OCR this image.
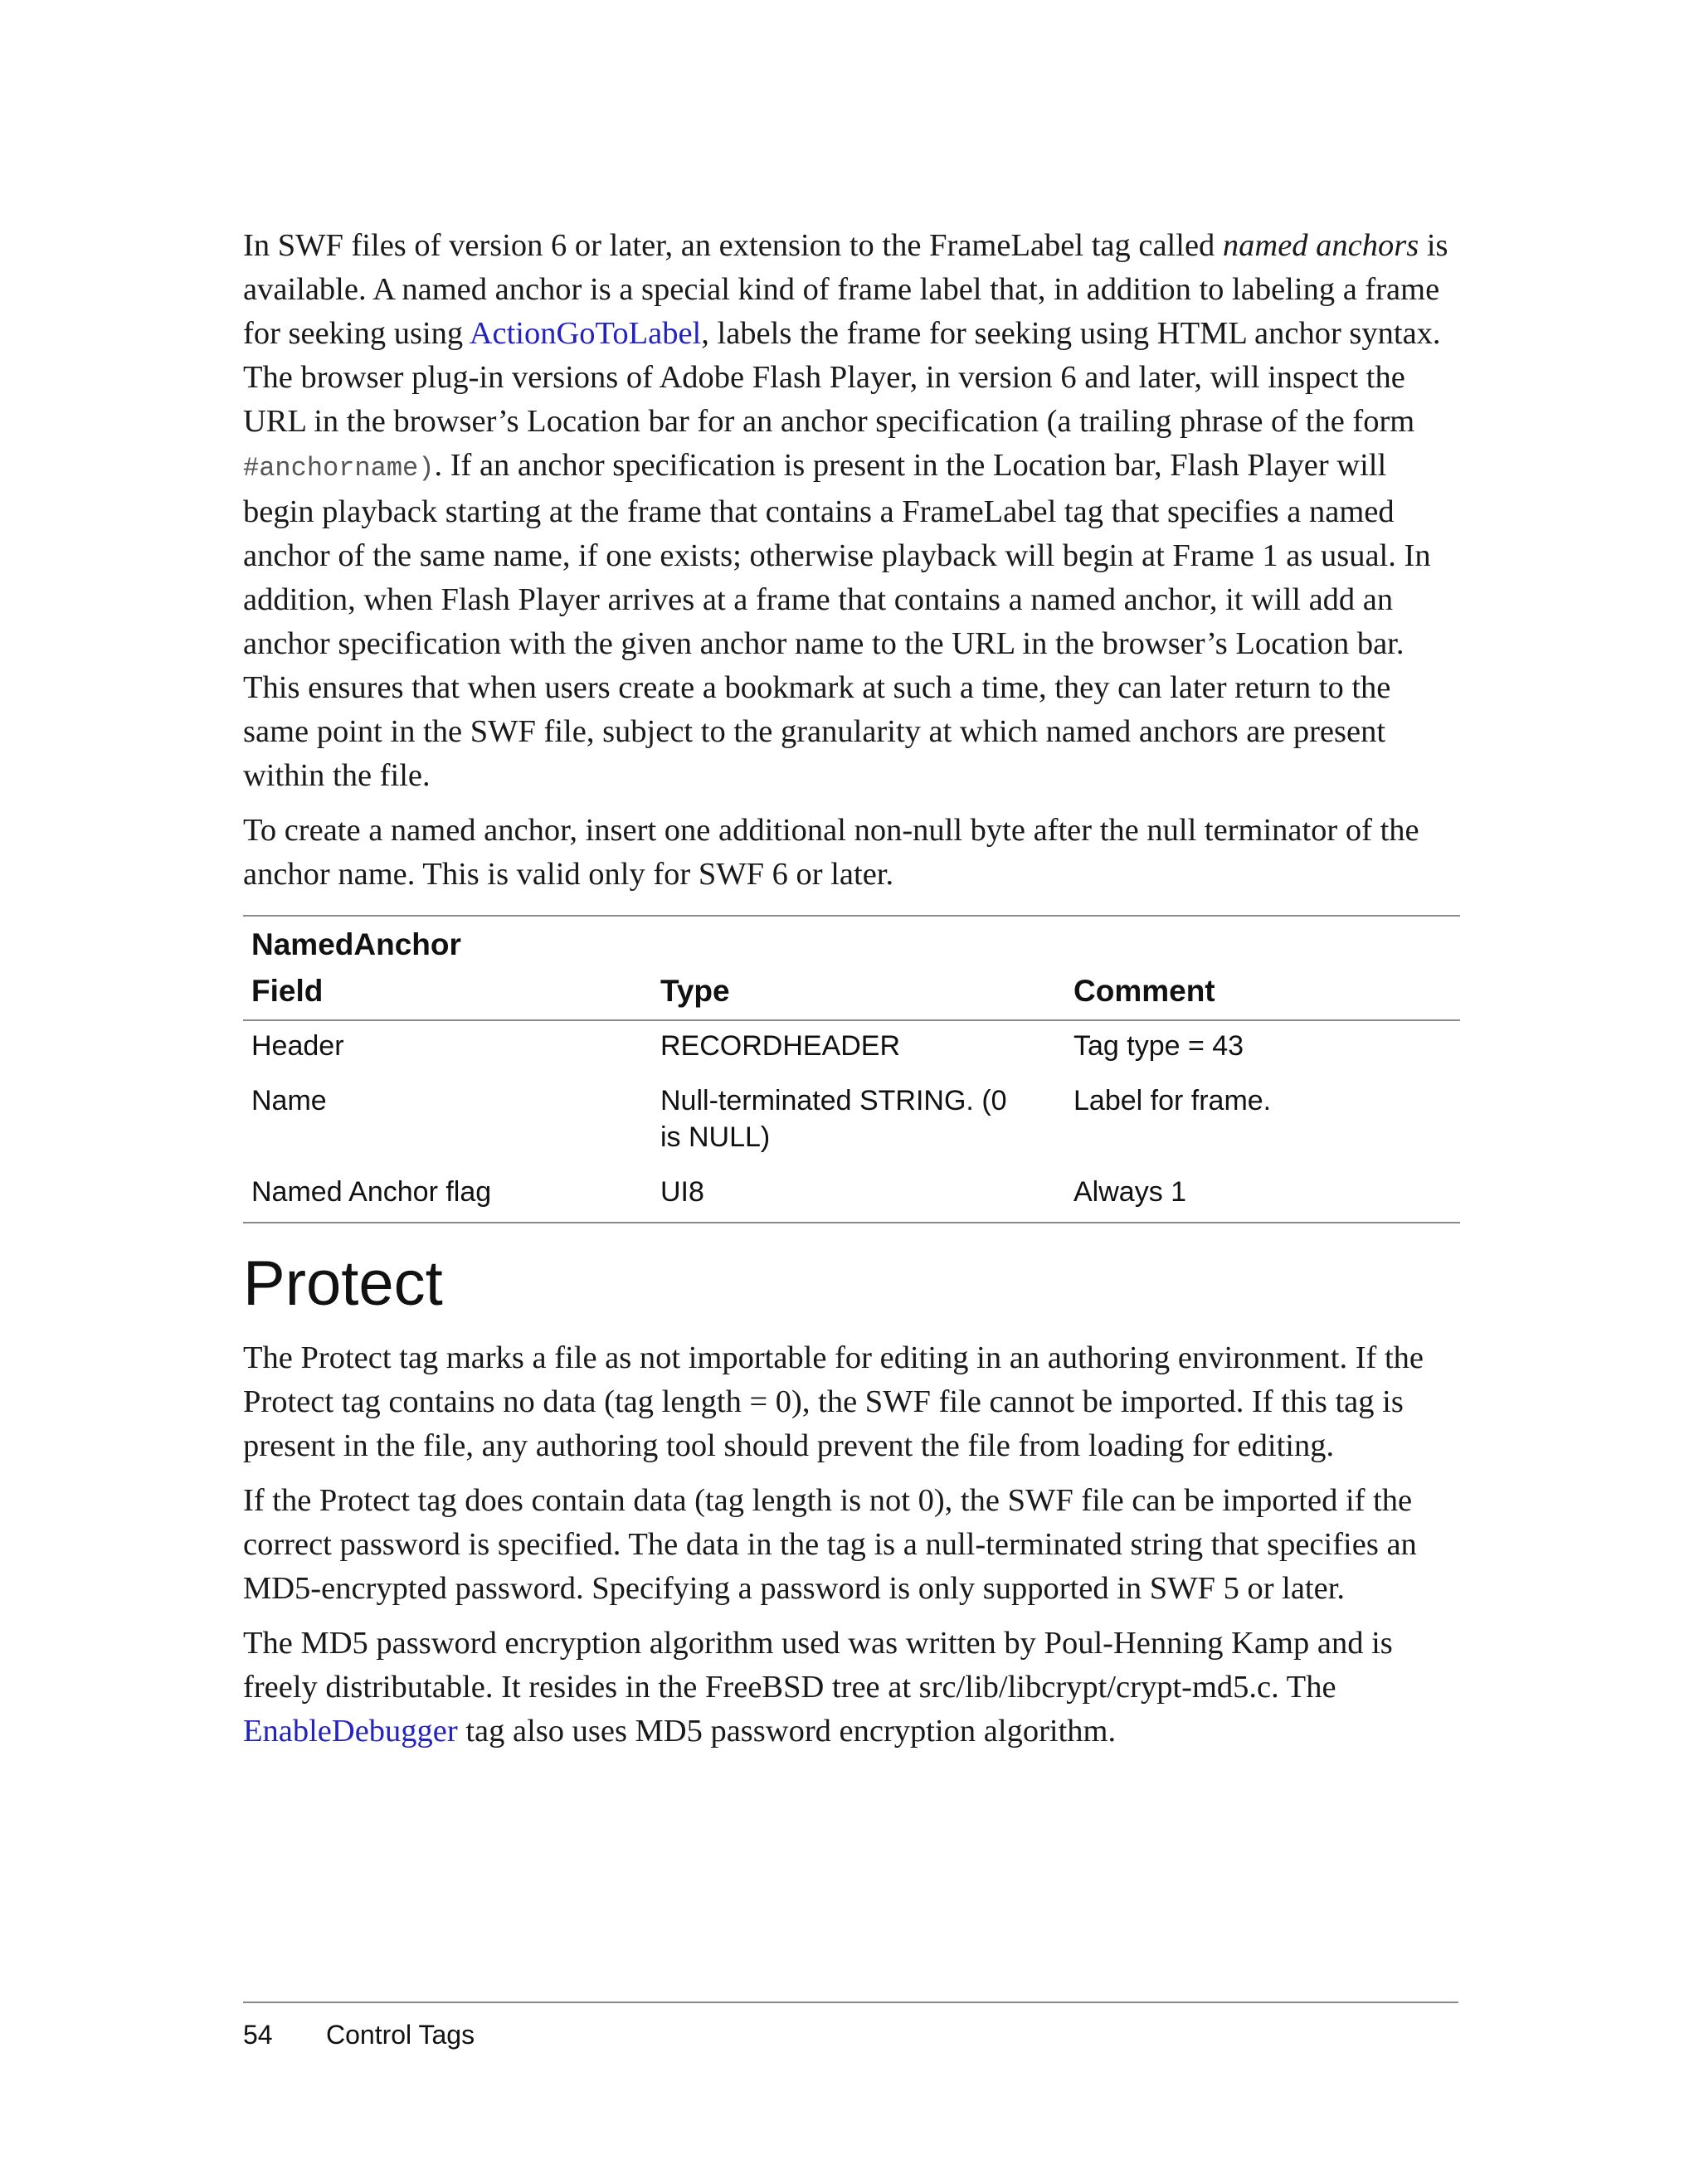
In SWF files of version 6 or later, an extension to the FrameLabel tag called named anchors is available. A named anchor is a special kind of frame label that, in addition to labeling a frame for seeking using ActionGoToLabel, labels the frame for seeking using HTML anchor syntax. The browser plug-in versions of Adobe Flash Player, in version 6 and later, will inspect the URL in the browser’s Location bar for an anchor specification (a trailing phrase of the form #anchorname). If an anchor specification is present in the Location bar, Flash Player will begin playback starting at the frame that contains a FrameLabel tag that specifies a named anchor of the same name, if one exists; otherwise playback will begin at Frame 1 as usual. In addition, when Flash Player arrives at a frame that contains a named anchor, it will add an anchor specification with the given anchor name to the URL in the browser’s Location bar. This ensures that when users create a bookmark at such a time, they can later return to the same point in the SWF file, subject to the granularity at which named anchors are present within the file.

To create a named anchor, insert one additional non-null byte after the null terminator of the anchor name. This is valid only for SWF 6 or later.

NamedAnchor		
Field	Type	Comment
Header	RECORDHEADER	Tag type = 43
Name	Null-terminated STRING. (0 is NULL)	Label for frame.
Named Anchor flag	UI8	Always 1
Protect

The Protect tag marks a file as not importable for editing in an authoring environment. If the Protect tag contains no data (tag length = 0), the SWF file cannot be imported. If this tag is present in the file, any authoring tool should prevent the file from loading for editing.

If the Protect tag does contain data (tag length is not 0), the SWF file can be imported if the correct password is specified. The data in the tag is a null-terminated string that specifies an MD5-encrypted password. Specifying a password is only supported in SWF 5 or later.

The MD5 password encryption algorithm used was written by Poul-Henning Kamp and is freely distributable. It resides in the FreeBSD tree at src/lib/libcrypt/crypt-md5.c. The EnableDebugger tag also uses MD5 password encryption algorithm.

54 Control Tags
